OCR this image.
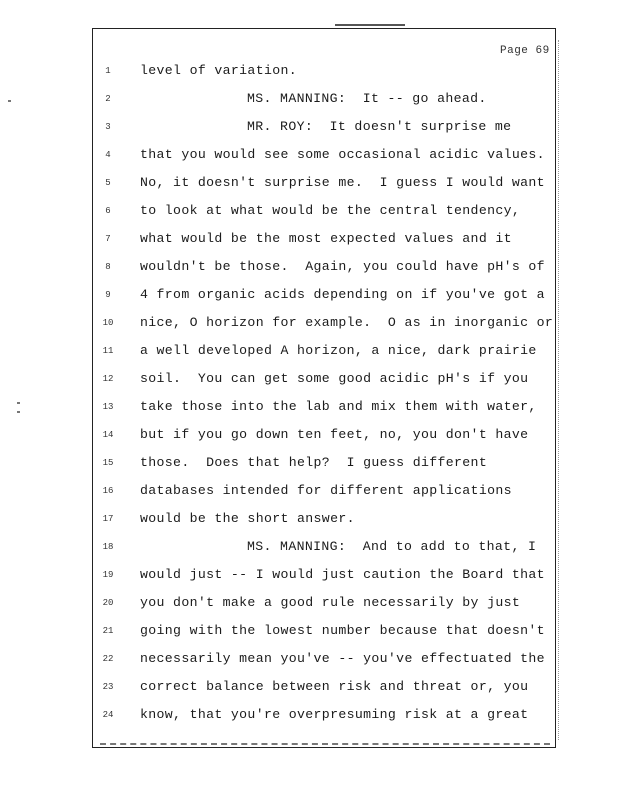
Page 69
1	level of variation.
2	MS. MANNING:  It -- go ahead.
3	MR. ROY:  It doesn't surprise me
4	that you would see some occasional acidic values.
5	No, it doesn't surprise me.  I guess I would want
6	to look at what would be the central tendency,
7	what would be the most expected values and it
8	wouldn't be those.  Again, you could have pH's of
9	4 from organic acids depending on if you've got a
10	nice, O horizon for example.  O as in inorganic or
11	a well developed A horizon, a nice, dark prairie
12	soil.  You can get some good acidic pH's if you
13	take those into the lab and mix them with water,
14	but if you go down ten feet, no, you don't have
15	those.  Does that help?  I guess different
16	databases intended for different applications
17	would be the short answer.
18	MS. MANNING:  And to add to that, I
19	would just -- I would just caution the Board that
20	you don't make a good rule necessarily by just
21	going with the lowest number because that doesn't
22	necessarily mean you've -- you've effectuated the
23	correct balance between risk and threat or, you
24	know, that you're overpresuming risk at a great
